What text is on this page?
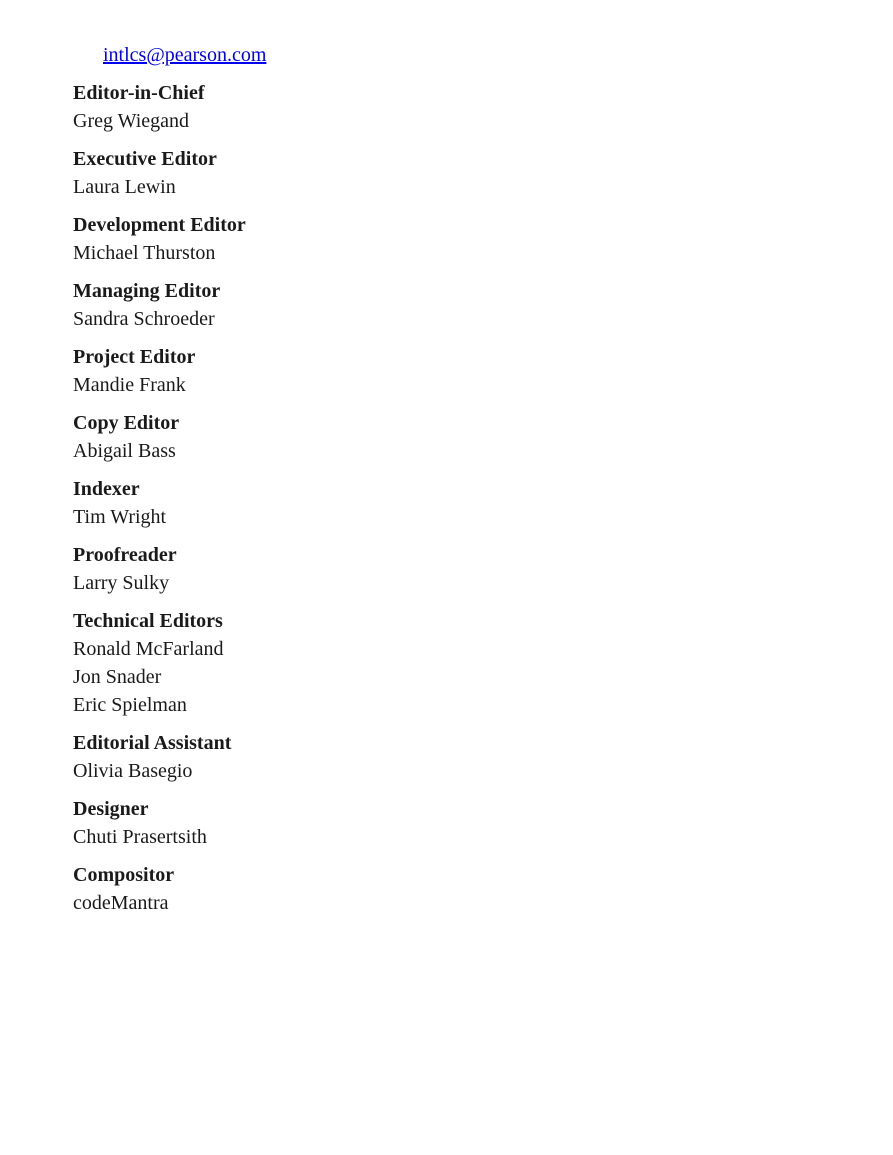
intlcs@pearson.com
Editor-in-Chief
Greg Wiegand
Executive Editor
Laura Lewin
Development Editor
Michael Thurston
Managing Editor
Sandra Schroeder
Project Editor
Mandie Frank
Copy Editor
Abigail Bass
Indexer
Tim Wright
Proofreader
Larry Sulky
Technical Editors
Ronald McFarland
Jon Snader
Eric Spielman
Editorial Assistant
Olivia Basegio
Designer
Chuti Prasertsith
Compositor
codeMantra
